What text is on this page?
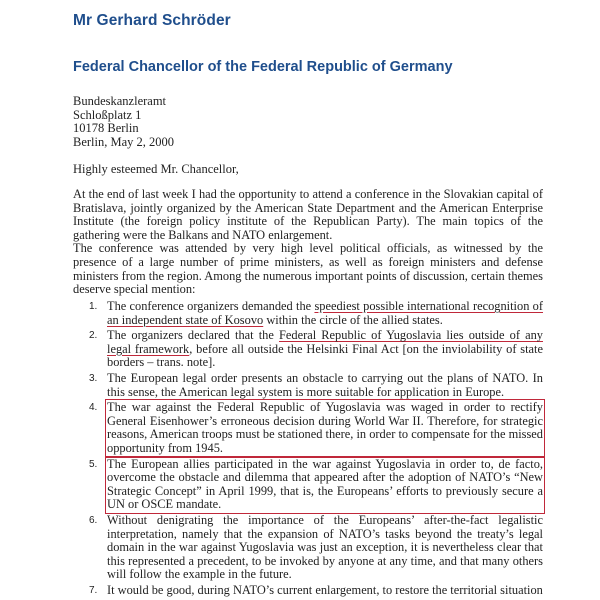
Mr Gerhard Schröder
Federal Chancellor of the Federal Republic of Germany
Bundeskanzleramt
Schloßplatz 1
10178 Berlin
Berlin, May 2, 2000
Highly esteemed Mr. Chancellor,

At the end of last week I had the opportunity to attend a conference in the Slovakian capital of Bratislava, jointly organized by the American State Department and the American Enterprise Institute (the foreign policy institute of the Republican Party). The main topics of the gathering were the Balkans and NATO enlargement.

The conference was attended by very high level political officials, as witnessed by the presence of a large number of prime ministers, as well as foreign ministers and defense ministers from the region. Among the numerous important points of discussion, certain themes deserve special mention:

1. The conference organizers demanded the speediest possible international recognition of an independent state of Kosovo within the circle of the allied states.
2. The organizers declared that the Federal Republic of Yugoslavia lies outside of any legal framework, before all outside the Helsinki Final Act [on the inviolability of state borders – trans. note].
3. The European legal order presents an obstacle to carrying out the plans of NATO. In this sense, the American legal system is more suitable for application in Europe.
4. The war against the Federal Republic of Yugoslavia was waged in order to rectify General Eisenhower’s erroneous decision during World War II. Therefore, for strategic reasons, American troops must be stationed there, in order to compensate for the missed opportunity from 1945.
5. The European allies participated in the war against Yugoslavia in order to, de facto, overcome the obstacle and dilemma that appeared after the adoption of NATO’s “New Strategic Concept” in April 1999, that is, the Europeans’ efforts to previously secure a UN or OSCE mandate.
6. Without denigrating the importance of the Europeans’ after-the-fact legalistic interpretation, namely that the expansion of NATO’s tasks beyond the treaty’s legal domain in the war against Yugoslavia was just an exception, it is nevertheless clear that this represented a precedent, to be invoked by anyone at any time, and that many others will follow the example in the future.
7. It would be good, during NATO’s current enlargement, to restore the territorial situation
